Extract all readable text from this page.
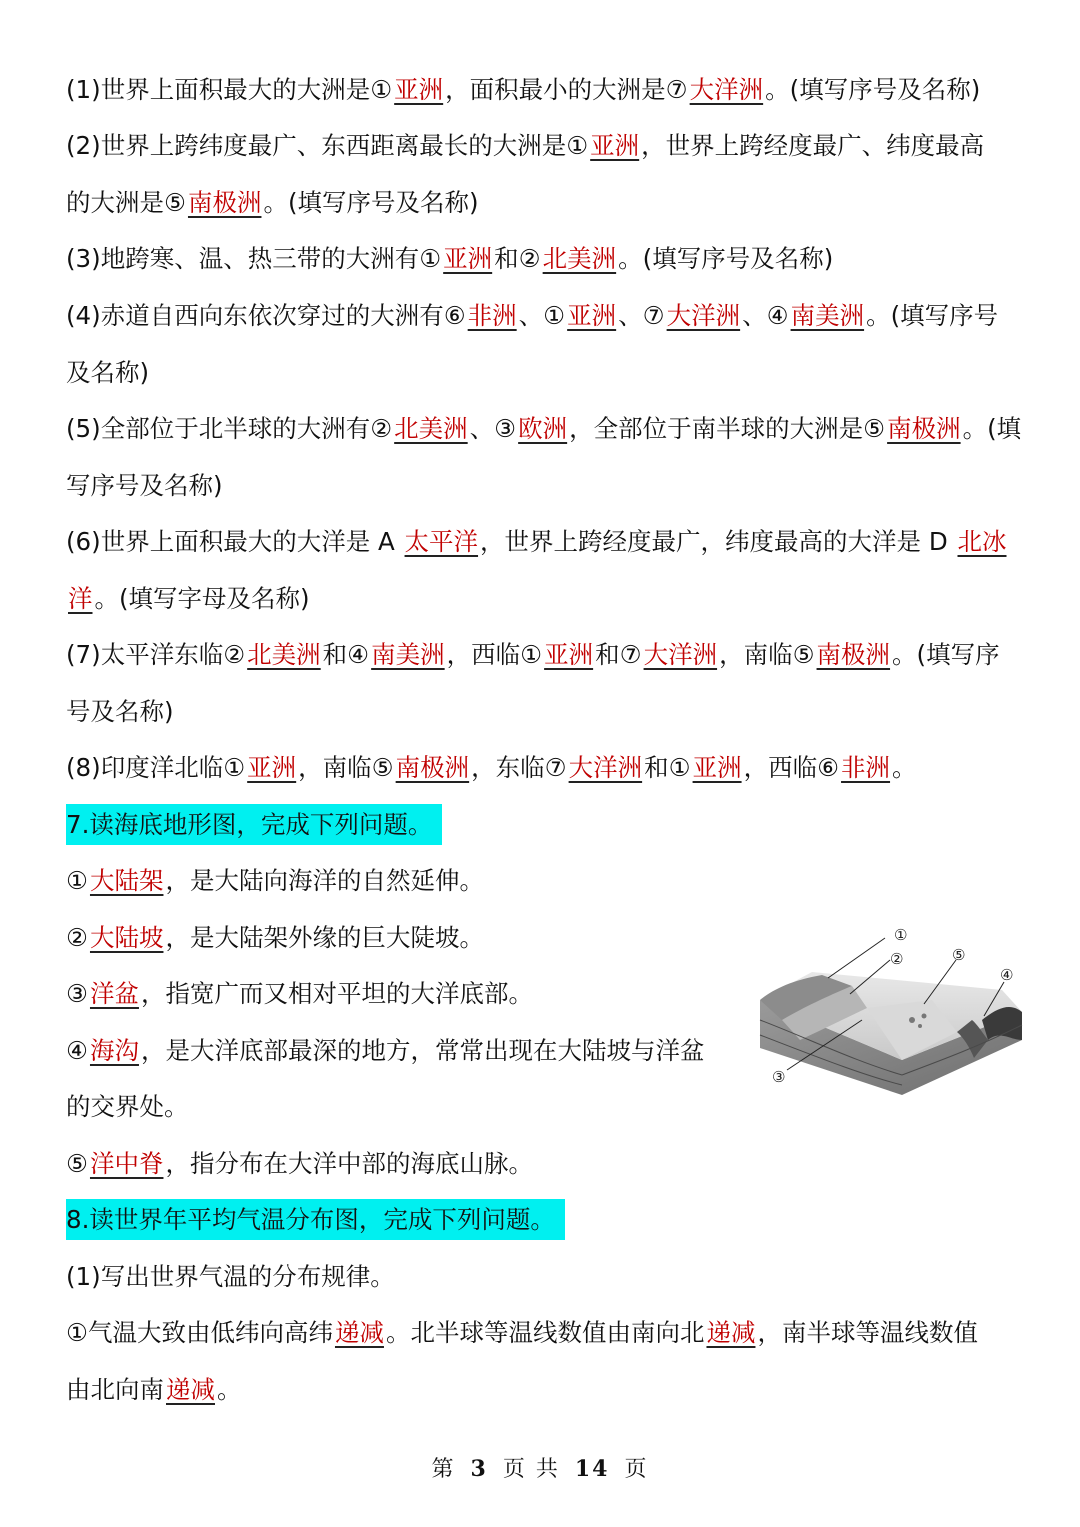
(1)世界上面积最大的大洲是①亚洲，面积最小的大洲是⑦大洋洲。(填写序号及名称)
(2)世界上跨纬度最广、东西距离最长的大洲是①亚洲，世界上跨经度最广、纬度最高
的大洲是⑤南极洲。(填写序号及名称)
(3)地跨寒、温、热三带的大洲有①亚洲和②北美洲。(填写序号及名称)
(4)赤道自西向东依次穿过的大洲有⑥非洲、①亚洲、⑦大洋洲、④南美洲。(填写序号
及名称)
(5)全部位于北半球的大洲有②北美洲、③欧洲，全部位于南半球的大洲是⑤南极洲。(填
写序号及名称)
(6)世界上面积最大的大洋是 A 太平洋，世界上跨经度最广，纬度最高的大洋是 D 北冰
洋。(填写字母及名称)
(7)太平洋东临②北美洲和④南美洲，西临①亚洲和⑦大洋洲，南临⑤南极洲。(填写序
号及名称)
(8)印度洋北临①亚洲，南临⑤南极洲，东临⑦大洋洲和①亚洲，西临⑥非洲。
7.读海底地形图，完成下列问题。
①大陆架，是大陆向海洋的自然延伸。
②大陆坡，是大陆架外缘的巨大陡坡。
③洋盆，指宽广而又相对平坦的大洋底部。
④海沟，是大洋底部最深的地方，常常出现在大陆坡与洋盆
的交界处。
⑤洋中脊，指分布在大洋中部的海底山脉。
8.读世界年平均气温分布图，完成下列问题。
(1)写出世界气温的分布规律。
①气温大致由低纬向高纬递减。北半球等温线数值由南向北递减，南半球等温线数值
由北向南递减。
①
②
③
④
⑤
第 3 页 共 14 页
